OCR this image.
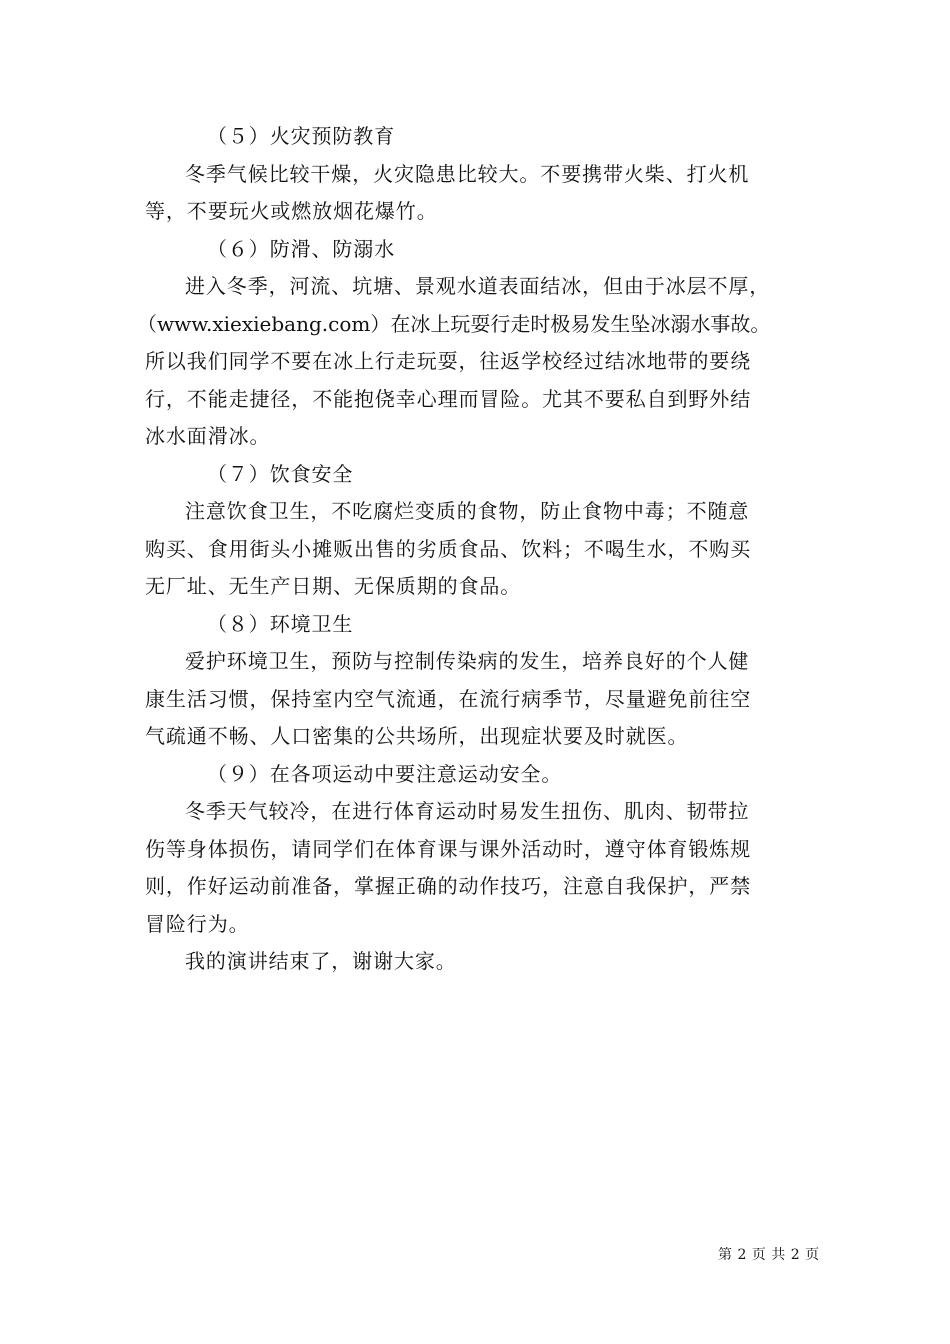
（５）火灾预防教育

冬季气候比较干燥，火灾隐患比较大。不要携带火柴、打火机
等，不要玩火或燃放烟花爆竹。

（６）防滑、防溺水

进入冬季，河流、坑塘、景观水道表面结冰，但由于冰层不厚，
（www.xiexiebang.com）在冰上玩耍行走时极易发生坠冰溺水事故。
所以我们同学不要在冰上行走玩耍，往返学校经过结冰地带的要绕
行，不能走捷径，不能抱侥幸心理而冒险。尤其不要私自到野外结
冰水面滑冰。

（７）饮食安全

注意饮食卫生，不吃腐烂变质的食物，防止食物中毒；不随意
购买、食用街头小摊贩出售的劣质食品、饮料；不喝生水，不购买
无厂址、无生产日期、无保质期的食品。

（８）环境卫生

爱护环境卫生，预防与控制传染病的发生，培养良好的个人健
康生活习惯，保持室内空气流通，在流行病季节，尽量避免前往空
气疏通不畅、人口密集的公共场所，出现症状要及时就医。

（９）在各项运动中要注意运动安全。

冬季天气较冷，在进行体育运动时易发生扭伤、肌肉、韧带拉
伤等身体损伤，请同学们在体育课与课外活动时，遵守体育锻炼规
则，作好运动前准备，掌握正确的动作技巧，注意自我保护，严禁
冒险行为。

我的演讲结束了，谢谢大家。

第 2 页 共 2 页
